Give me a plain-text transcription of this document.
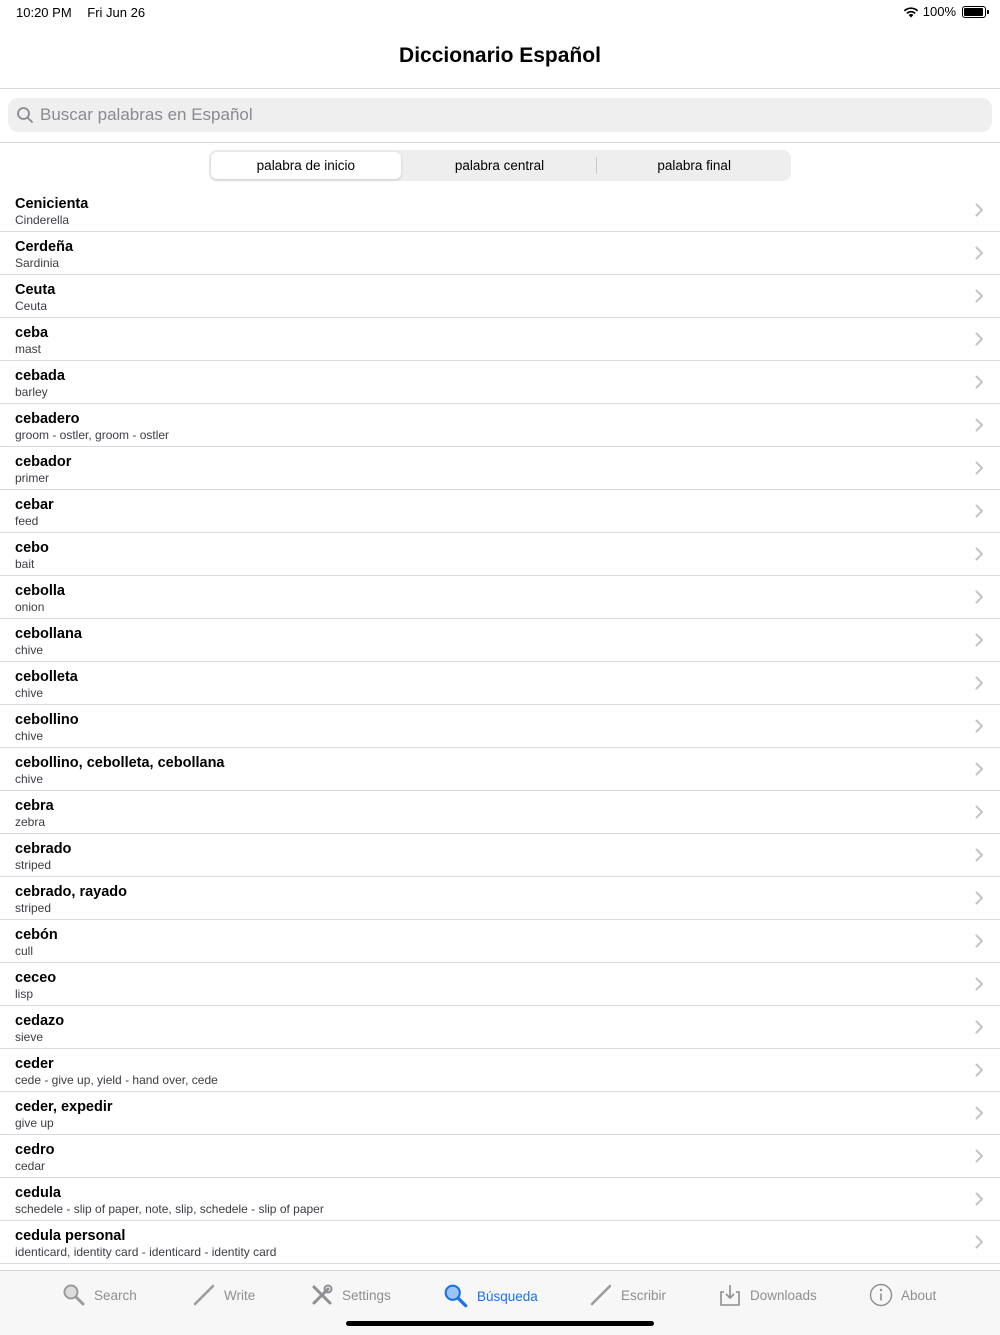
10:20 PM Fri Jun 26	100%
Diccionario Español
Buscar palabras en Español
palabra de inicio	palabra central	palabra final
Cenicienta
Cinderella
Cerdeña
Sardinia
Ceuta
Ceuta
ceba
mast
cebada
barley
cebadero
groom - ostler, groom - ostler
cebador
primer
cebar
feed
cebo
bait
cebolla
onion
cebollana
chive
cebolleta
chive
cebollino
chive
cebollino, cebolleta, cebollana
chive
cebra
zebra
cebrado
striped
cebrado, rayado
striped
cebón
cull
ceceo
lisp
cedazo
sieve
ceder
cede - give up, yield - hand over, cede
ceder, expedir
give up
cedro
cedar
cedula
schedele - slip of paper, note, slip, schedele - slip of paper
cedula personal
identicard, identity card - identicard - identity card
Search	Write	Settings	Búsqueda	Escribir	Downloads	About
